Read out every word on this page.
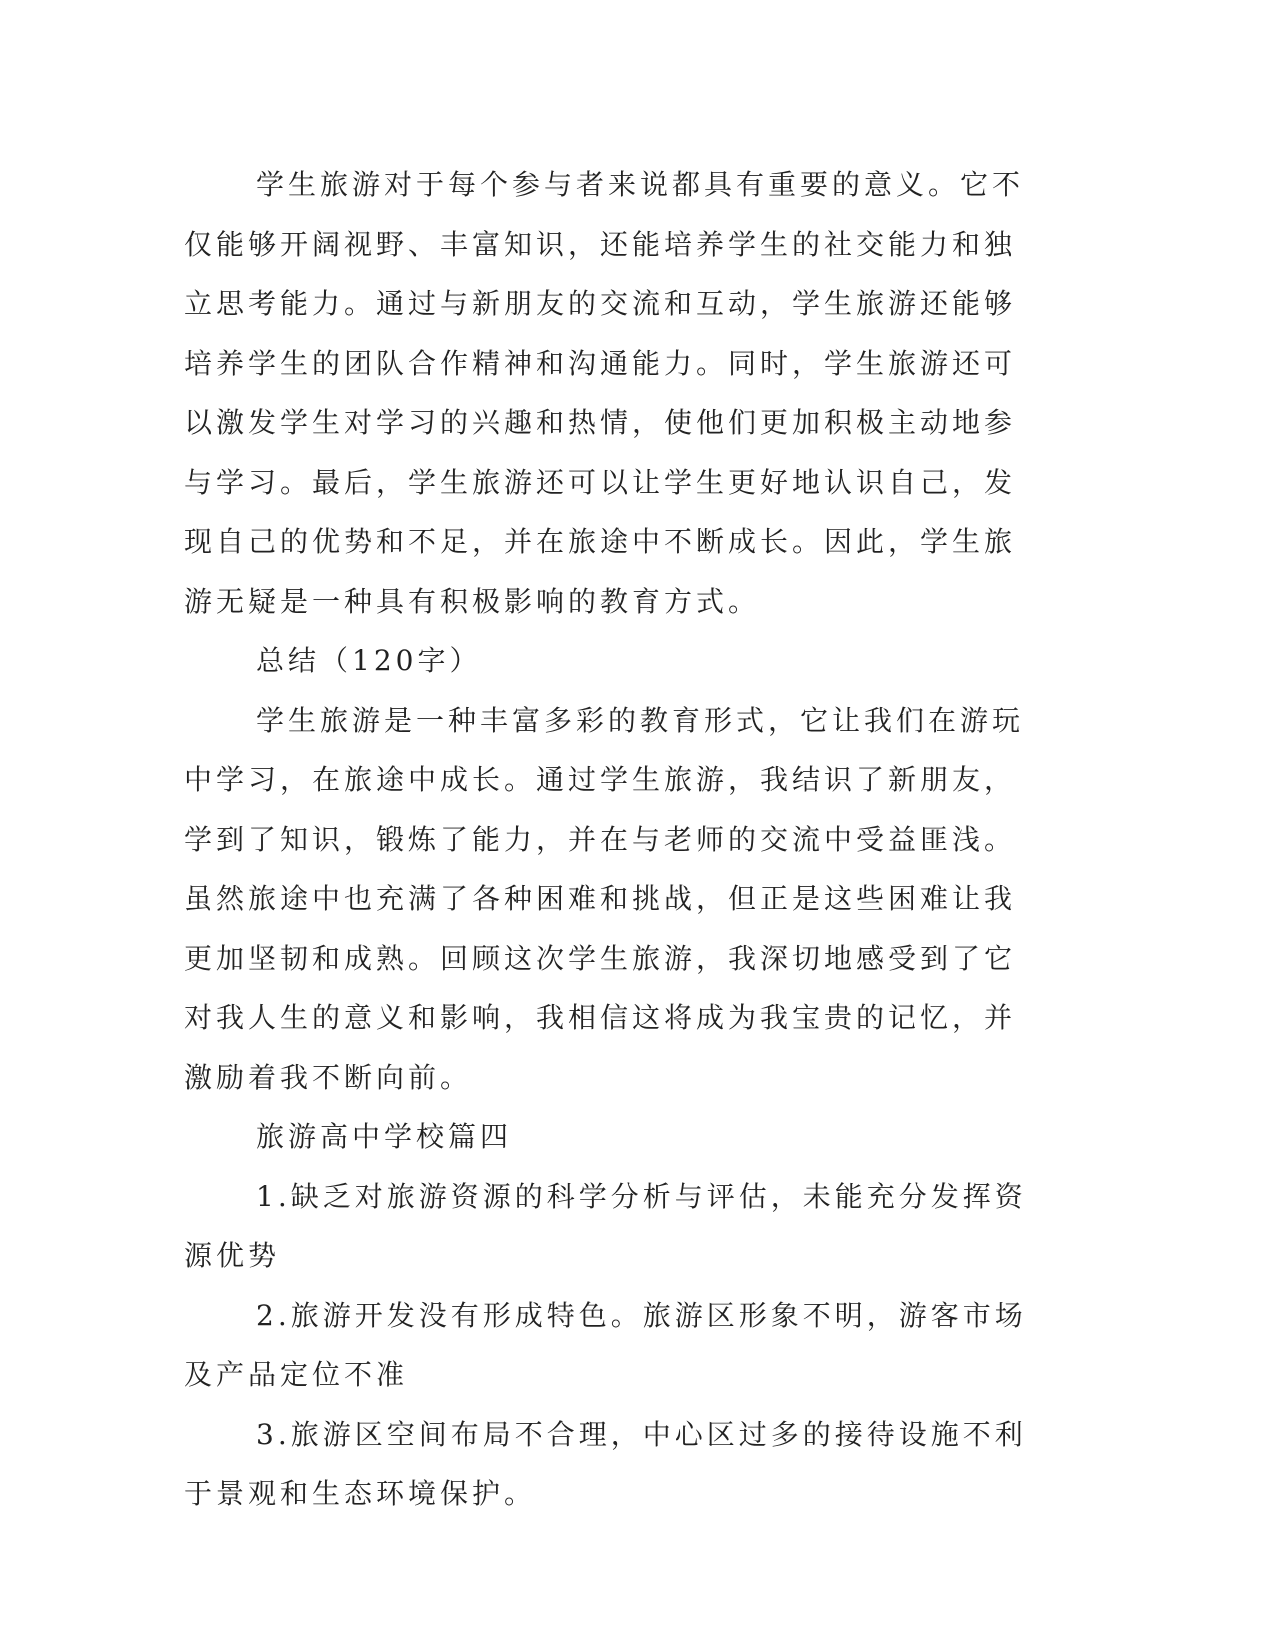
学生旅游对于每个参与者来说都具有重要的意义。它不仅能够开阔视野、丰富知识，还能培养学生的社交能力和独立思考能力。通过与新朋友的交流和互动，学生旅游还能够培养学生的团队合作精神和沟通能力。同时，学生旅游还可以激发学生对学习的兴趣和热情，使他们更加积极主动地参与学习。最后，学生旅游还可以让学生更好地认识自己，发现自己的优势和不足，并在旅途中不断成长。因此，学生旅游无疑是一种具有积极影响的教育方式。

总结（120字）

学生旅游是一种丰富多彩的教育形式，它让我们在游玩中学习，在旅途中成长。通过学生旅游，我结识了新朋友，学到了知识，锻炼了能力，并在与老师的交流中受益匪浅。虽然旅途中也充满了各种困难和挑战，但正是这些困难让我更加坚韧和成熟。回顾这次学生旅游，我深切地感受到了它对我人生的意义和影响，我相信这将成为我宝贵的记忆，并激励着我不断向前。

旅游高中学校篇四

1.缺乏对旅游资源的科学分析与评估，未能充分发挥资源优势

2.旅游开发没有形成特色。旅游区形象不明，游客市场及产品定位不准

3.旅游区空间布局不合理，中心区过多的接待设施不利于景观和生态环境保护。
